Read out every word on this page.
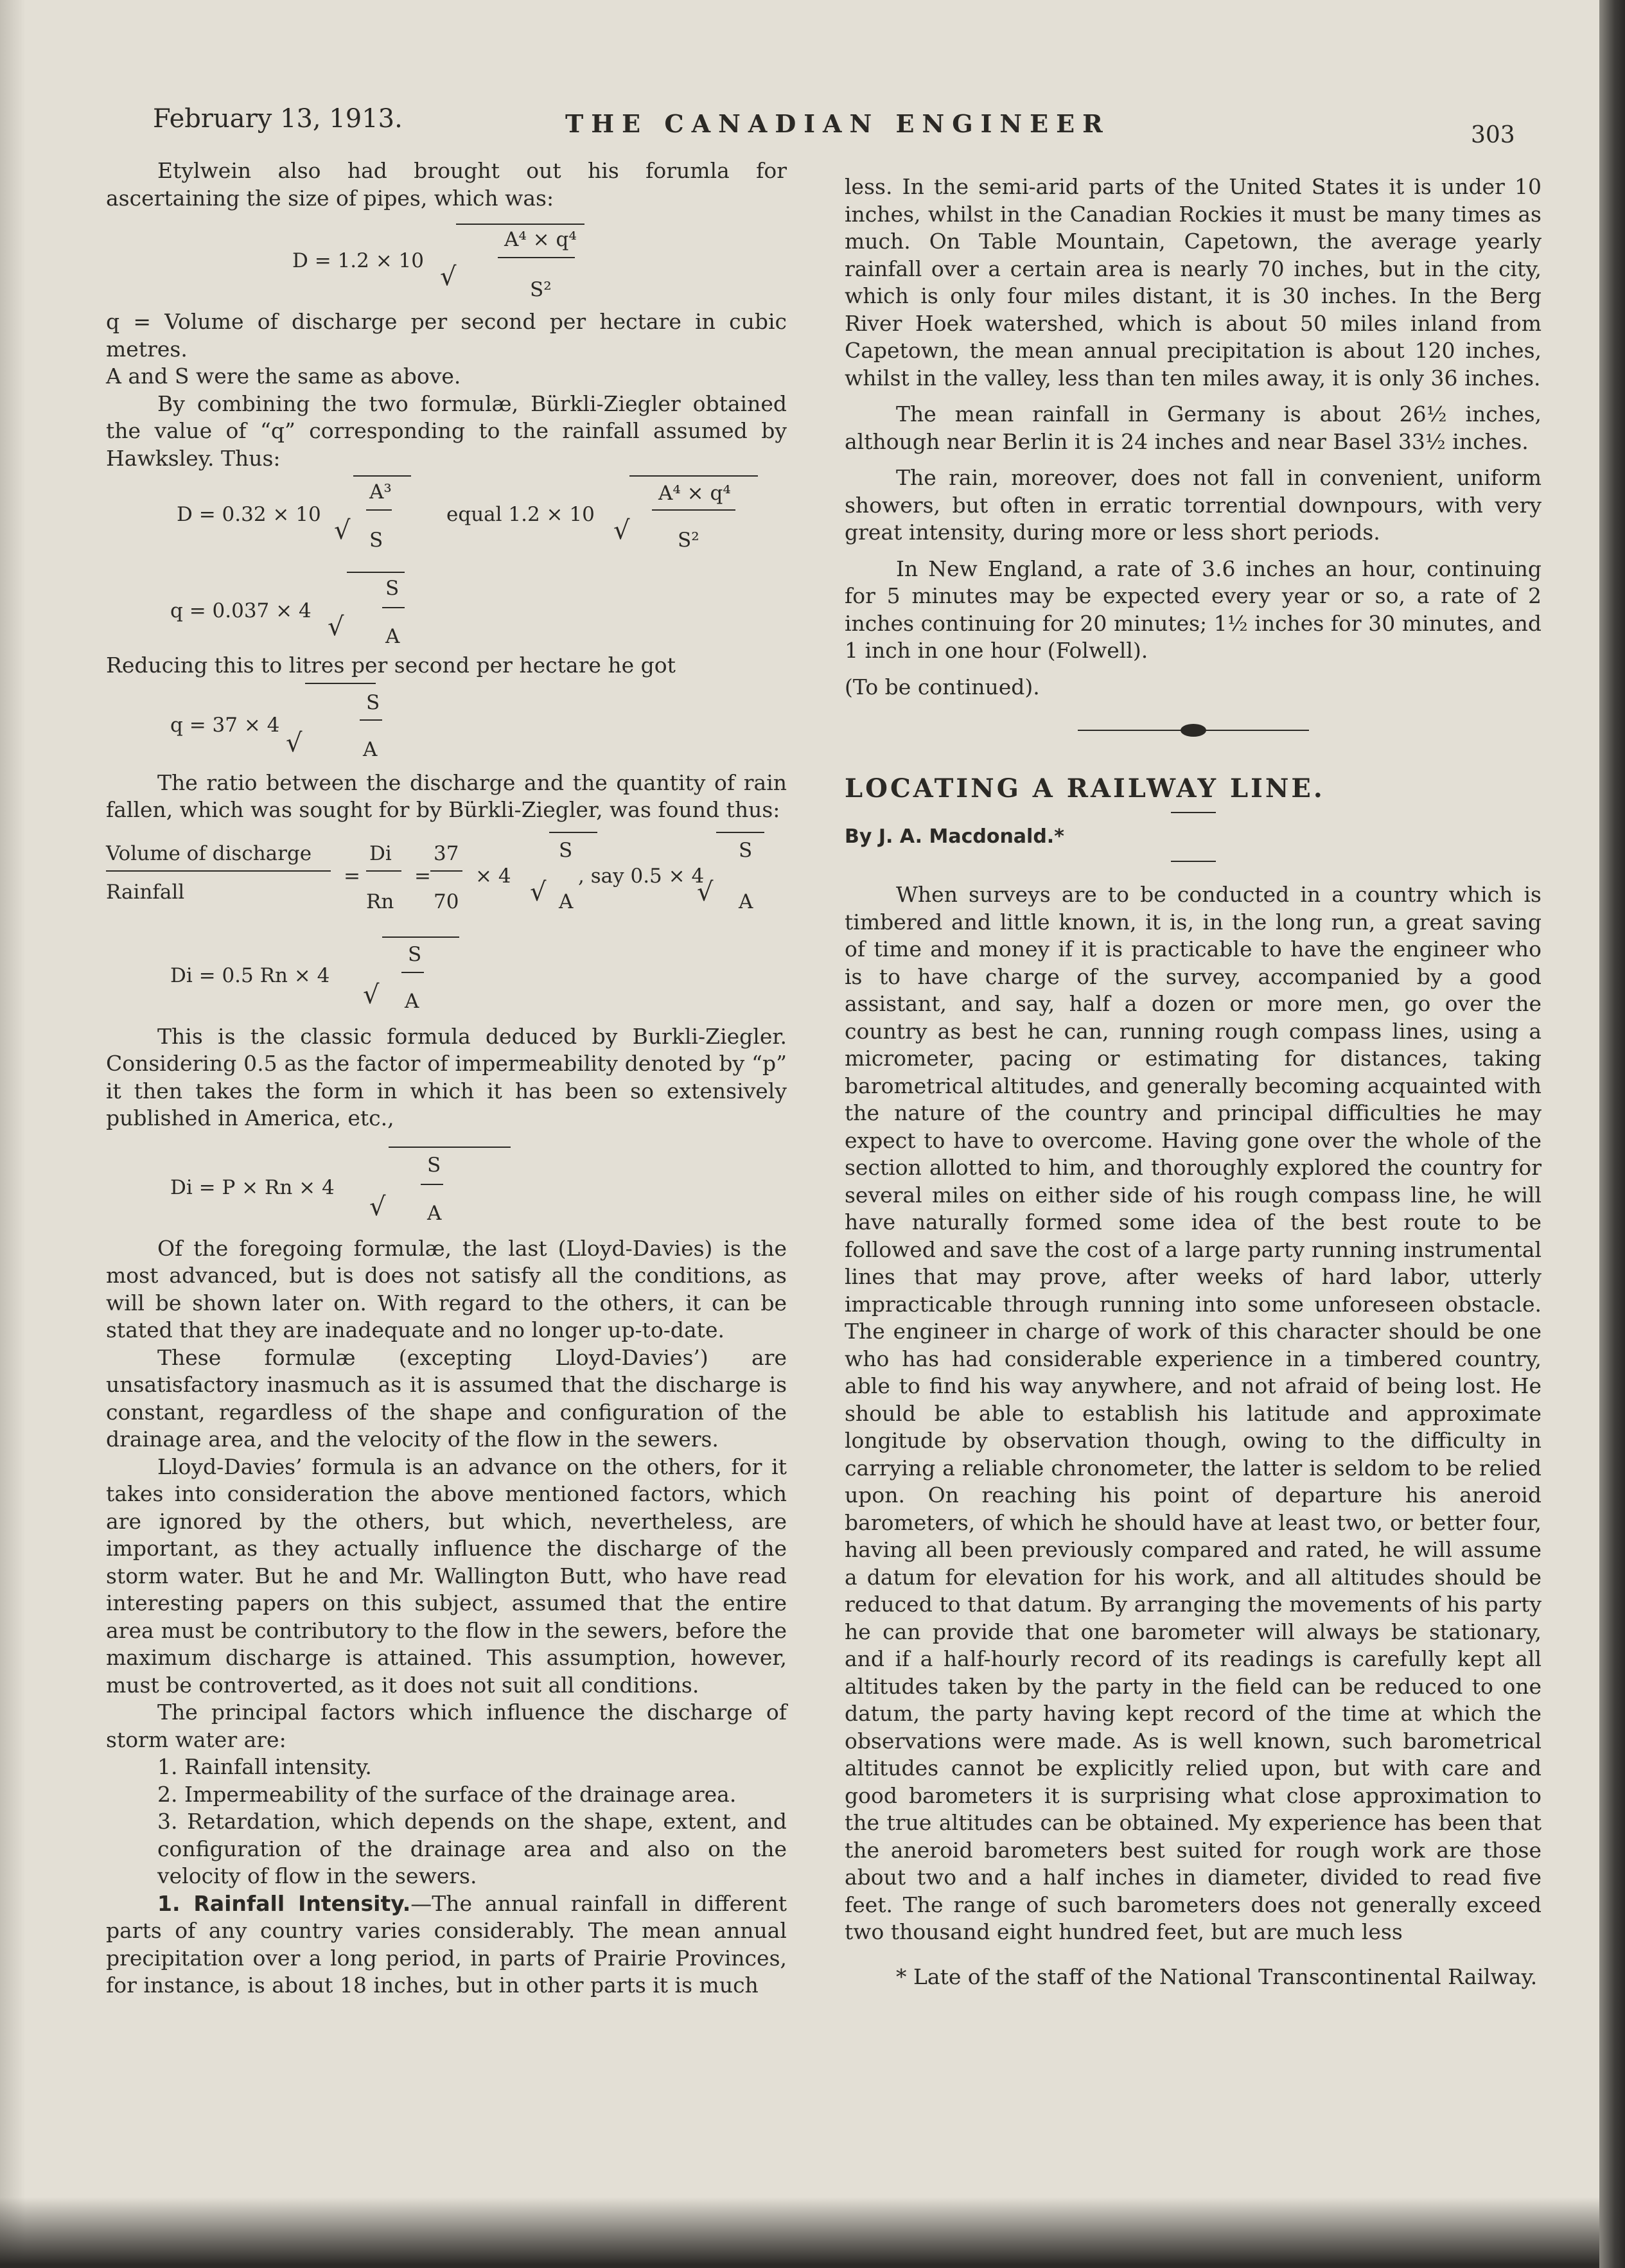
February 13, 1913.	THE CANADIAN ENGINEER	303

Etylwein also had brought out his forumla for ascertaining the size of pipes, which was:

D = 1.2 × 10
√
A⁴ × q⁴
S²

q = Volume of discharge per second per hectare in cubic metres.

A and S were the same as above.

By combining the two formulæ, Bürkli-Ziegler obtained the value of “q” corresponding to the rainfall assumed by Hawksley. Thus:

D = 0.32 × 10
√
A³
S
equal 1.2 × 10
√
A⁴ × q⁴
S²
q = 0.037 × 4
√
S
A

Reducing this to litres per second per hectare he got

q = 37 × 4
√
S
A

The ratio between the discharge and the quantity of rain fallen, which was sought for by Bürkli-Ziegler, was found thus:

Volume of discharge
Rainfall
=
Di
Rn
=
37
70
× 4
√
S
A
, say 0.5 × 4
√
S
A
Di = 0.5 Rn × 4
√
S
A

This is the classic formula deduced by Burkli-Ziegler. Considering 0.5 as the factor of impermeability denoted by “p” it then takes the form in which it has been so extensively published in America, etc.,

Di = P × Rn × 4
√
S
A

Of the foregoing formulæ, the last (Lloyd-Davies) is the most advanced, but is does not satisfy all the conditions, as will be shown later on. With regard to the others, it can be stated that they are inadequate and no longer up-to-date.

These formulæ (excepting Lloyd-Davies’) are unsatisfactory inasmuch as it is assumed that the discharge is constant, regardless of the shape and configuration of the drainage area, and the velocity of the flow in the sewers.

Lloyd-Davies’ formula is an advance on the others, for it takes into consideration the above mentioned factors, which are ignored by the others, but which, nevertheless, are important, as they actually influence the discharge of the storm water. But he and Mr. Wallington Butt, who have read interesting papers on this subject, assumed that the entire area must be contributory to the flow in the sewers, before the maximum discharge is attained. This assumption, however, must be controverted, as it does not suit all conditions.

The principal factors which influence the discharge of storm water are:

1. Rainfall intensity.

2. Impermeability of the surface of the drainage area.

3. Retardation, which depends on the shape, extent, and configuration of the drainage area and also on the velocity of flow in the sewers.

1. Rainfall Intensity.—The annual rainfall in different parts of any country varies considerably. The mean annual precipitation over a long period, in parts of Prairie Provinces, for instance, is about 18 inches, but in other parts it is much

less. In the semi-arid parts of the United States it is under 10 inches, whilst in the Canadian Rockies it must be many times as much. On Table Mountain, Capetown, the average yearly rainfall over a certain area is nearly 70 inches, but in the city, which is only four miles distant, it is 30 inches. In the Berg River Hoek watershed, which is about 50 miles inland from Capetown, the mean annual precipitation is about 120 inches, whilst in the valley, less than ten miles away, it is only 36 inches.

The mean rainfall in Germany is about 26½ inches, although near Berlin it is 24 inches and near Basel 33½ inches.

The rain, moreover, does not fall in convenient, uniform showers, but often in erratic torrential downpours, with very great intensity, during more or less short periods.

In New England, a rate of 3.6 inches an hour, continuing for 5 minutes may be expected every year or so, a rate of 2 inches continuing for 20 minutes; 1½ inches for 30 minutes, and 1 inch in one hour (Folwell).

(To be continued).

LOCATING A RAILWAY LINE.

By J. A. Macdonald.*

When surveys are to be conducted in a country which is timbered and little known, it is, in the long run, a great saving of time and money if it is practicable to have the engineer who is to have charge of the survey, accompanied by a good assistant, and say, half a dozen or more men, go over the country as best he can, running rough compass lines, using a micrometer, pacing or estimating for distances, taking barometrical altitudes, and generally becoming acquainted with the nature of the country and principal difficulties he may expect to have to overcome. Having gone over the whole of the section allotted to him, and thoroughly explored the country for several miles on either side of his rough compass line, he will have naturally formed some idea of the best route to be followed and save the cost of a large party running instrumental lines that may prove, after weeks of hard labor, utterly impracticable through running into some unforeseen obstacle. The engineer in charge of work of this character should be one who has had considerable experience in a timbered country, able to find his way anywhere, and not afraid of being lost. He should be able to establish his latitude and approximate longitude by observation though, owing to the difficulty in carrying a reliable chronometer, the latter is seldom to be relied upon. On reaching his point of departure his aneroid barometers, of which he should have at least two, or better four, having all been previously compared and rated, he will assume a datum for elevation for his work, and all altitudes should be reduced to that datum. By arranging the movements of his party he can provide that one barometer will always be stationary, and if a half-hourly record of its readings is carefully kept all altitudes taken by the party in the field can be reduced to one datum, the party having kept record of the time at which the observations were made. As is well known, such barometrical altitudes cannot be explicitly relied upon, but with care and good barometers it is surprising what close approximation to the true altitudes can be obtained. My experience has been that the aneroid barometers best suited for rough work are those about two and a half inches in diameter, divided to read five feet. The range of such barometers does not generally exceed two thousand eight hundred feet, but are much less

* Late of the staff of the National Transcontinental Railway.
